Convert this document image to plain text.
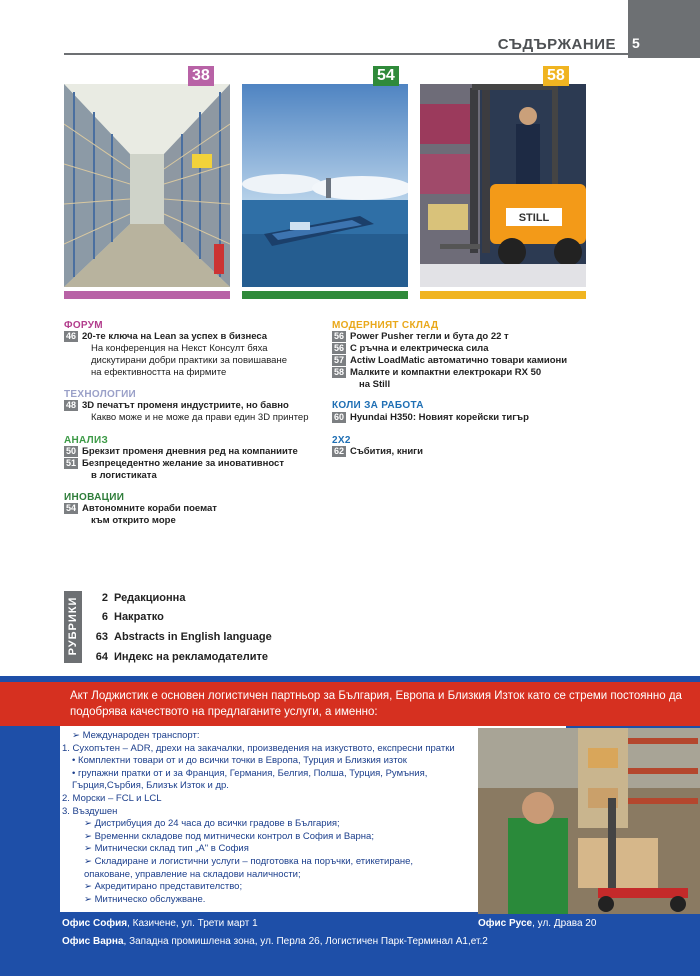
СЪДЪРЖАНИЕ 5
38	54
STILL
58
ФОРУМ
46 20-те ключа на Lean за успех в бизнеса
На конференция на Некст Консулт бяха
дискутирани добри практики за повишаване
на ефективността на фирмите
ТЕХНОЛОГИИ
48 3D печатът променя индустриите, но бавно
Какво може и не може да прави един 3D принтер
АНАЛИЗ
50 Брекзит променя дневния ред на компаниите
51 Безпрецедентно желание за иновативност
в логистиката
ИНОВАЦИИ
54 Автономните кораби поемат
към открито море
МОДЕРНИЯТ СКЛАД
56 Power Pusher тегли и бута до 22 т
56 С ръчна и електрическа сила
57 Actiw LoadMatic автоматично товари камиони
58 Малките и компактни електрокари RX 50
на Still
КОЛИ ЗА РАБОТА
60 Hyundai H350: Новият корейски тигър
2Х2
62 Събития, книги
РУБРИКИ	2 Редакционна
6 Накратко
63 Abstracts in English language
64 Индекс на рекламодателите
Акт Лоджистик е основен логистичен партньор за България, Европа и Близкия Изток като се стреми постоянно да подобрява качеството на предлаганите услуги, а именно:
➢ Международен транспорт:
1. Сухопътен – ADR, дрехи на закачалки, произведения на изкуството, експресни пратки
• Комплектни товари от и до всички точки в Европа, Турция и Близкия изток
• групажни пратки от и за Франция, Германия, Белгия, Полша, Турция, Румъния,
Гърция,Сърбия, Близък Изток и др.
2. Морски – FCL и LCL
3. Въздушен
➢ Дистрибуция до 24 часа до всички градове в България;
➢ Временни складове под митнически контрол в София и Варна;
➢ Митнически склад тип „А" в София
➢ Складиране и логистични услуги – подготовка на поръчки, етикетиране,
опаковане, управление на складови наличности;
➢ Акредитирано представителство;
➢ Митническо обслужване.
Офис София, Казичене, ул. Трети март 1	Офис Русе, ул. Драва 20
Офис Варна, Западна промишлена зона, ул. Перла 26, Логистичен Парк-Терминал А1,ет.2
